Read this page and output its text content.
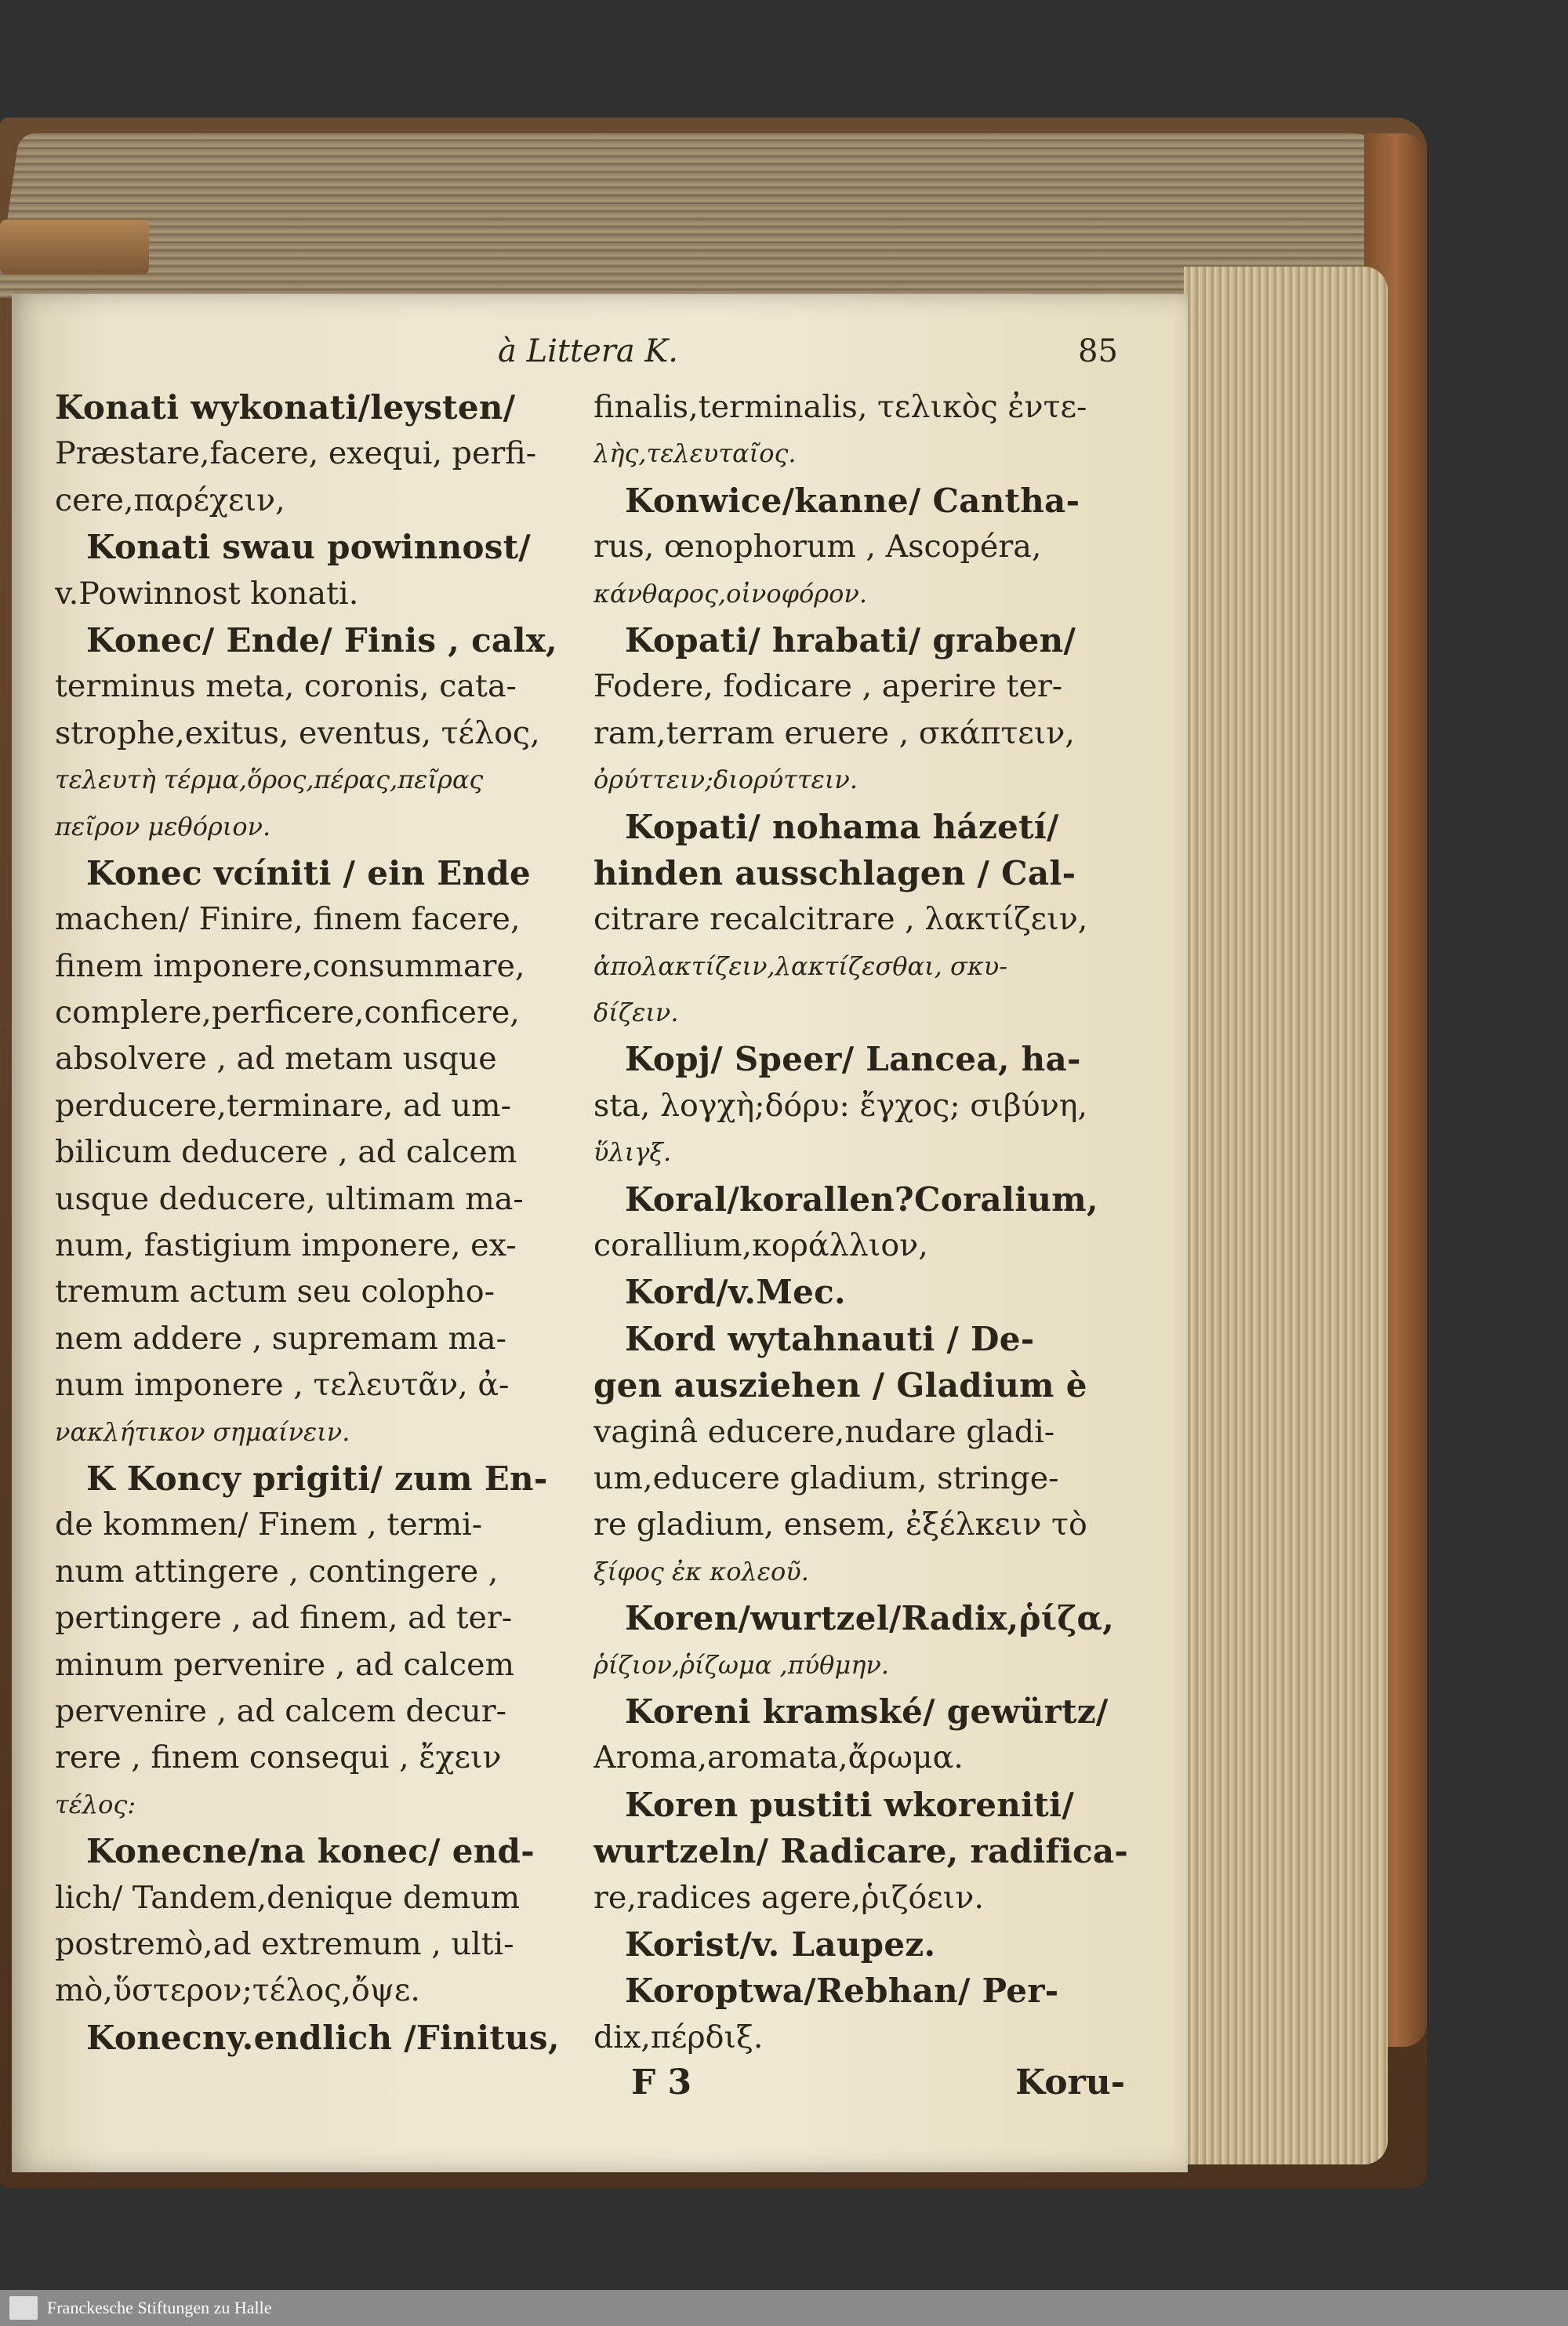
à Littera K.	85
Konati wykonati/leysten/
Præstare,facere, exequi, perfi-
cere,παρέχειν,
Konati swau powinnost/
v.Powinnost konati.
Konec/ Ende/ Finis , calx,
terminus meta, coronis, cata-
strophe,exitus, eventus, τέλος,
τελευτὴ τέρμα,ὅρος,πέρας,πεῖρας
πεῖρον μεθόριον.
Konec vcíniti / ein Ende
machen/ Finire, finem facere,
finem imponere,consummare,
complere,perficere,conficere,
absolvere , ad metam usque
perducere,terminare, ad um-
bilicum deducere , ad calcem
usque deducere, ultimam ma-
num, fastigium imponere, ex-
tremum actum seu colopho-
nem addere , supremam ma-
num imponere , τελευτᾶν, ἀ-
νακλήτικον σημαίνειν.
K Koncy prigiti/ zum En-
de kommen/ Finem , termi-
num attingere , contingere ,
pertingere , ad finem, ad ter-
minum pervenire , ad calcem
pervenire , ad calcem decur-
rere , finem consequi , ἔχειν
τέλος:
Konecne/na konec/ end-
lich/ Tandem,denique demum
postremò,ad extremum , ulti-
mò,ὕστερον;τέλος,ὄψε.
Konecny.endlich /Finitus,
finalis,terminalis, τελικὸς ἐντε-
λὴς,τελευταῖος.
Konwice/kanne/ Cantha-
rus, œnophorum , Ascopéra,
κάνθαρος,οἰνοφόρον.
Kopati/ hrabati/ graben/
Fodere, fodicare , aperire ter-
ram,terram eruere , σκάπτειν,
ὀρύττειν;διορύττειν.
Kopati/ nohama házetí/
hinden ausschlagen / Cal-
citrare recalcitrare , λακτίζειν,
ἀπολακτίζειν,λακτίζεσθαι, σκυ-
δίζειν.
Kopj/ Speer/ Lancea, ha-
sta, λογχὴ;δόρυ: ἔγχος; σιβύνη,
ὕλιγξ.
Koral/korallen?Coralium,
corallium,κοράλλιον,
Kord/v.Mec.
Kord wytahnauti / De-
gen ausziehen / Gladium è
vaginâ educere,nudare gladi-
um,educere gladium, stringe-
re gladium, ensem, ἐξέλκειν τὸ
ξίφος ἐκ κολεοῦ.
Koren/wurtzel/Radix,ῥίζα,
ῥίζιον,ῥίζωμα ,πύθμην.
Koreni kramské/ gewürtz/
Aroma,aromata,ἄρωμα.
Koren pustiti wkoreniti/
wurtzeln/ Radicare, radifica-
re,radices agere,ῥιζόειν.
Korist/v. Laupez.
Koroptwa/Rebhan/ Per-
dix,πέρδιξ.
F 3	Koru-
Franckesche Stiftungen zu Halle
